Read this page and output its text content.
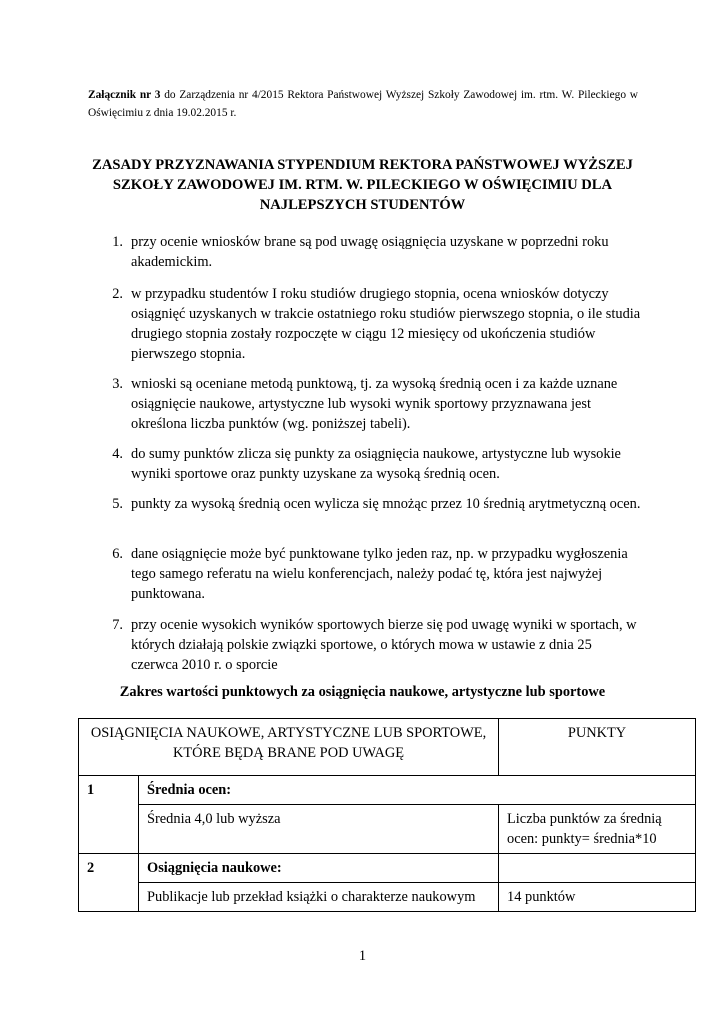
Załącznik nr 3 do Zarządzenia nr 4/2015 Rektora Państwowej Wyższej Szkoły Zawodowej im. rtm. W. Pileckiego w Oświęcimiu z dnia 19.02.2015 r.
ZASADY PRZYZNAWANIA STYPENDIUM REKTORA PAŃSTWOWEJ WYŻSZEJ SZKOŁY ZAWODOWEJ IM. RTM. W. PILECKIEGO W OŚWIĘCIMIU DLA NAJLEPSZYCH STUDENTÓW
1. przy ocenie wniosków brane są pod uwagę osiągnięcia uzyskane w poprzedni roku akademickim.
2. w przypadku studentów I roku studiów drugiego stopnia, ocena wniosków dotyczy osiągnięć uzyskanych w trakcie ostatniego roku studiów pierwszego stopnia, o ile studia drugiego stopnia zostały rozpoczęte w ciągu 12 miesięcy od ukończenia studiów pierwszego stopnia.
3. wnioski są oceniane metodą punktową, tj. za wysoką średnią ocen i za każde uznane osiągnięcie naukowe, artystyczne lub wysoki wynik sportowy przyznawana jest określona liczba punktów (wg. poniższej tabeli).
4. do sumy punktów zlicza się punkty za osiągnięcia naukowe, artystyczne lub wysokie wyniki sportowe oraz punkty uzyskane za wysoką średnią ocen.
5. punkty za wysoką średnią ocen wylicza się mnożąc przez 10 średnią arytmetyczną ocen.
6. dane osiągnięcie może być punktowane tylko jeden raz, np. w przypadku wygłoszenia tego samego referatu na wielu konferencjach, należy podać tę, która jest najwyżej punktowana.
7. przy ocenie wysokich wyników sportowych bierze się pod uwagę wyniki w sportach, w których działają polskie związki sportowe, o których mowa w ustawie z dnia 25 czerwca 2010 r. o sporcie
Zakres wartości punktowych za osiągnięcia naukowe, artystyczne lub sportowe
OSIĄGNIĘCIA NAUKOWE, ARTYSTYCZNE LUB SPORTOWE, KTÓRE BĘDĄ BRANE POD UWAGĘ		PUNKTY
1	Średnia ocen:	
	Średnia 4,0 lub wyższa	Liczba punktów za średnią ocen: punkty= średnia*10
2	Osiągnięcia naukowe:	
	Publikacje lub przekład książki o charakterze naukowym	14 punktów
1
